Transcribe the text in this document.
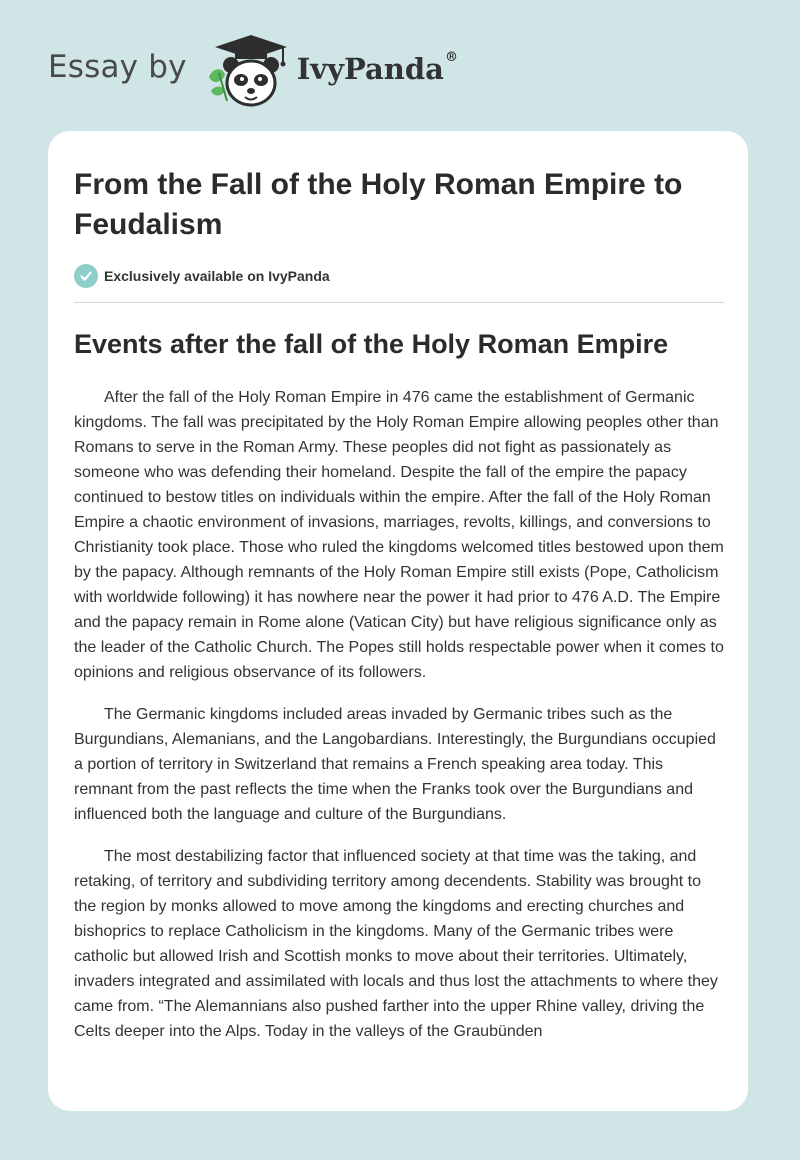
Essay by	IvyPanda®
From the Fall of the Holy Roman Empire to Feudalism
Exclusively available on IvyPanda
Events after the fall of the Holy Roman Empire

After the fall of the Holy Roman Empire in 476 came the establishment of Germanic kingdoms. The fall was precipitated by the Holy Roman Empire allowing peoples other than Romans to serve in the Roman Army. These peoples did not fight as passionately as someone who was defending their homeland. Despite the fall of the empire the papacy continued to bestow titles on individuals within the empire. After the fall of the Holy Roman Empire a chaotic environment of invasions, marriages, revolts, killings, and conversions to Christianity took place. Those who ruled the kingdoms welcomed titles bestowed upon them by the papacy. Although remnants of the Holy Roman Empire still exists (Pope, Catholicism with worldwide following) it has nowhere near the power it had prior to 476 A.D. The Empire and the papacy remain in Rome alone (Vatican City) but have religious significance only as the leader of the Catholic Church. The Popes still holds respectable power when it comes to opinions and religious observance of its followers.

The Germanic kingdoms included areas invaded by Germanic tribes such as the Burgundians, Alemanians, and the Langobardians. Interestingly, the Burgundians occupied a portion of territory in Switzerland that remains a French speaking area today. This remnant from the past reflects the time when the Franks took over the Burgundians and influenced both the language and culture of the Burgundians.

The most destabilizing factor that influenced society at that time was the taking, and retaking, of territory and subdividing territory among decendents. Stability was brought to the region by monks allowed to move among the kingdoms and erecting churches and bishoprics to replace Catholicism in the kingdoms. Many of the Germanic tribes were catholic but allowed Irish and Scottish monks to move about their territories. Ultimately, invaders integrated and assimilated with locals and thus lost the attachments to where they came from. “The Alemannians also pushed farther into the upper Rhine valley, driving the Celts deeper into the Alps. Today in the valleys of the Graubünden
